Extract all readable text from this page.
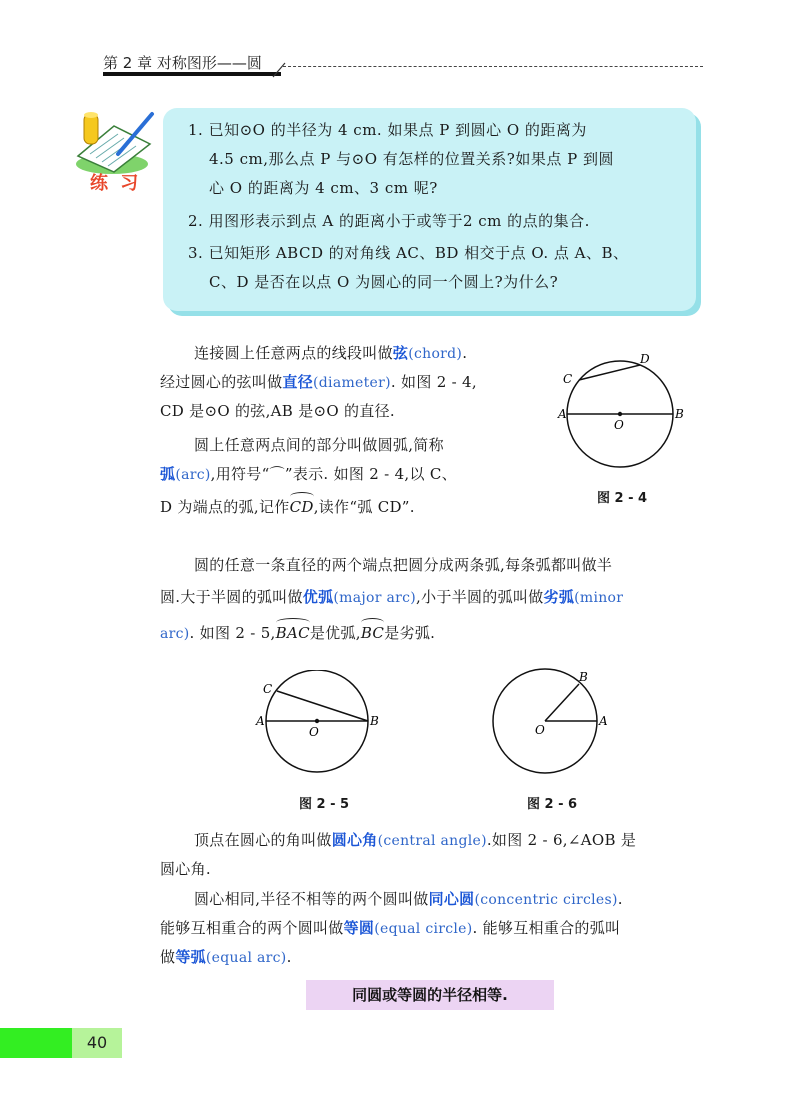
第 2 章 对称图形——圆
练 习
1. 已知⊙O 的半径为 4 cm. 如果点 P 到圆心 O 的距离为
4.5 cm,那么点 P 与⊙O 有怎样的位置关系?如果点 P 到圆
心 O 的距离为 4 cm、3 cm 呢?
2. 用图形表示到点 A 的距离小于或等于2 cm 的点的集合.
3. 已知矩形 ABCD 的对角线 AC、BD 相交于点 O. 点 A、B、
C、D 是否在以点 O 为圆心的同一个圆上?为什么?
连接圆上任意两点的线段叫做弦(chord).
经过圆心的弦叫做直径(diameter). 如图 2 - 4,
CD 是⊙O 的弦,AB 是⊙O 的直径.
圆上任意两点间的部分叫做圆弧,简称
弧(arc),用符号“⌒”表示. 如图 2 - 4,以 C、
D 为端点的弧,记作
CD,读作“弧 CD”.
D
C
A
O
B
图 2 - 4
圆的任意一条直径的两个端点把圆分成两条弧,每条弧都叫做半
圆.大于半圆的弧叫做优弧(major arc),小于半圆的弧叫做劣弧(minor
arc). 如图 2 - 5,
BAC是优弧,
BC是劣弧.
C
A
O
B
图 2 - 5
B
O
A
图 2 - 6
顶点在圆心的角叫做圆心角(central angle).如图 2 - 6,∠AOB 是
圆心角.
圆心相同,半径不相等的两个圆叫做同心圆(concentric circles).
能够互相重合的两个圆叫做等圆(equal circle). 能够互相重合的弧叫
做等弧(equal arc).
同圆或等圆的半径相等.
40
